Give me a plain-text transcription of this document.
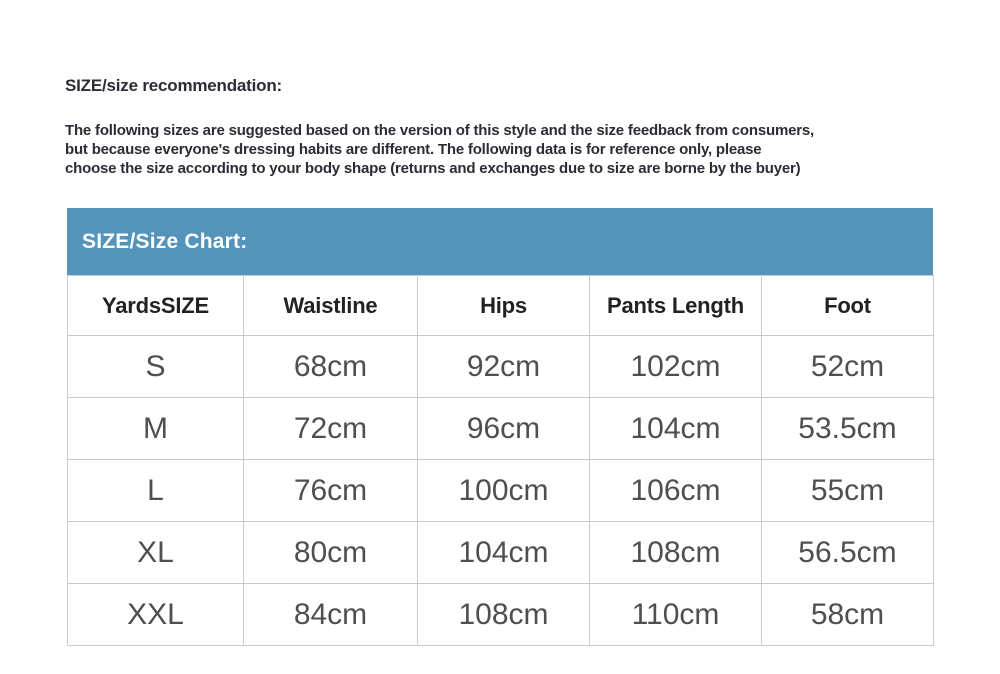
SIZE/size recommendation:
The following sizes are suggested based on the version of this style and the size feedback from consumers,
but because everyone's dressing habits are different. The following data is for reference only, please
choose the size according to your body shape (returns and exchanges due to size are borne by the buyer)
SIZE/Size Chart:
YardsSIZE	Waistline	Hips	Pants Length	Foot
S	68cm	92cm	102cm	52cm
M	72cm	96cm	104cm	53.5cm
L	76cm	100cm	106cm	55cm
XL	80cm	104cm	108cm	56.5cm
XXL	84cm	108cm	110cm	58cm
